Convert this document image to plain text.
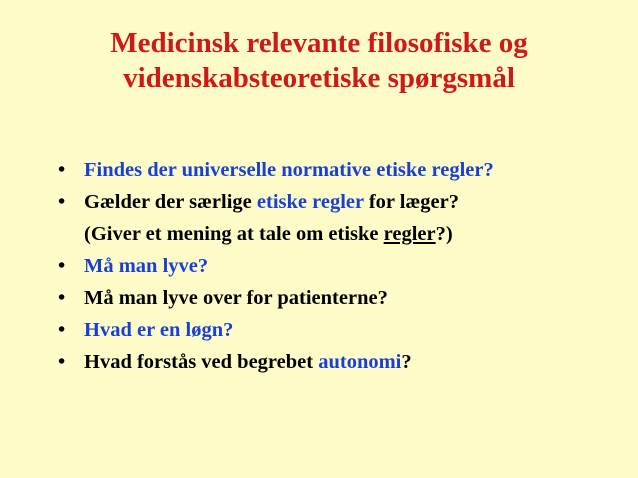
Medicinsk relevante filosofiske og
videnskabsteoretiske spørgsmål
• Findes der universelle normative etiske regler?
• Gælder der særlige etiske regler for læger?
(Giver et mening at tale om etiske regler?)
• Må man lyve?
• Må man lyve over for patienterne?
• Hvad er en løgn?
• Hvad forstås ved begrebet autonomi?
